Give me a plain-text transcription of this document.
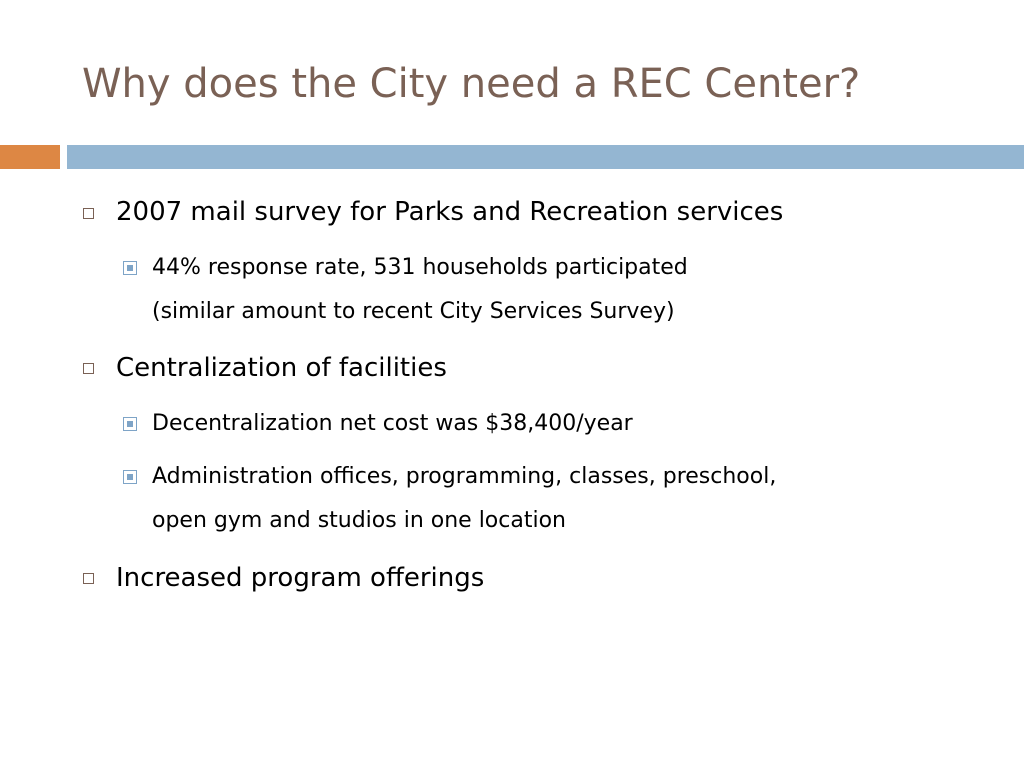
Why does the City need a REC Center?
2007 mail survey for Parks and Recreation services
44% response rate, 531 households participated
(similar amount to recent City Services Survey)
Centralization of facilities
Decentralization net cost was $38,400/year
Administration offices, programming, classes, preschool,
open gym and studios in one location
Increased program offerings
